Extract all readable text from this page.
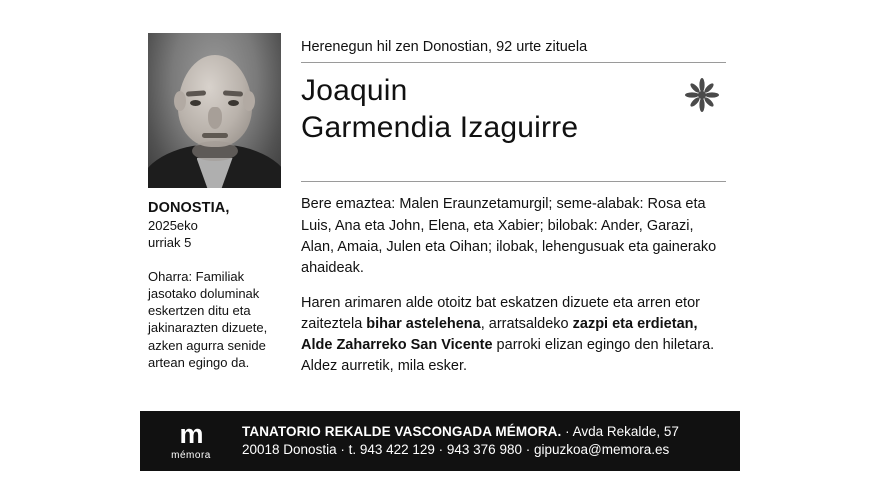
DONOSTIA,
2025eko
urriak 5
Oharra: Familiak jasotako doluminak eskertzen ditu eta jakinarazten dizuete, azken agurra senide artean egingo da.
Herenegun hil zen Donostian, 92 urte zituela
Joaquin
Garmendia Izaguirre

Bere emaztea: Malen Eraunzetamurgil; seme-alabak: Rosa eta Luis, Ana eta John, Elena, eta Xabier; bilobak: Ander, Garazi, Alan, Amaia, Julen eta Oihan; ilobak, lehengusuak eta gainerako ahaideak.

Haren arimaren alde otoitz bat eskatzen dizuete eta arren etor zaiteztela bihar astelehena, arratsaldeko zazpi eta erdietan, Alde Zaharreko San Vicente parroki elizan egingo den hiletara. Aldez aurretik, mila esker.

m
mémora
TANATORIO REKALDE VASCONGADA MÉMORA. · Avda Rekalde, 57
20018 Donostia · t. 943 422 129 · 943 376 980 · gipuzkoa@memora.es
